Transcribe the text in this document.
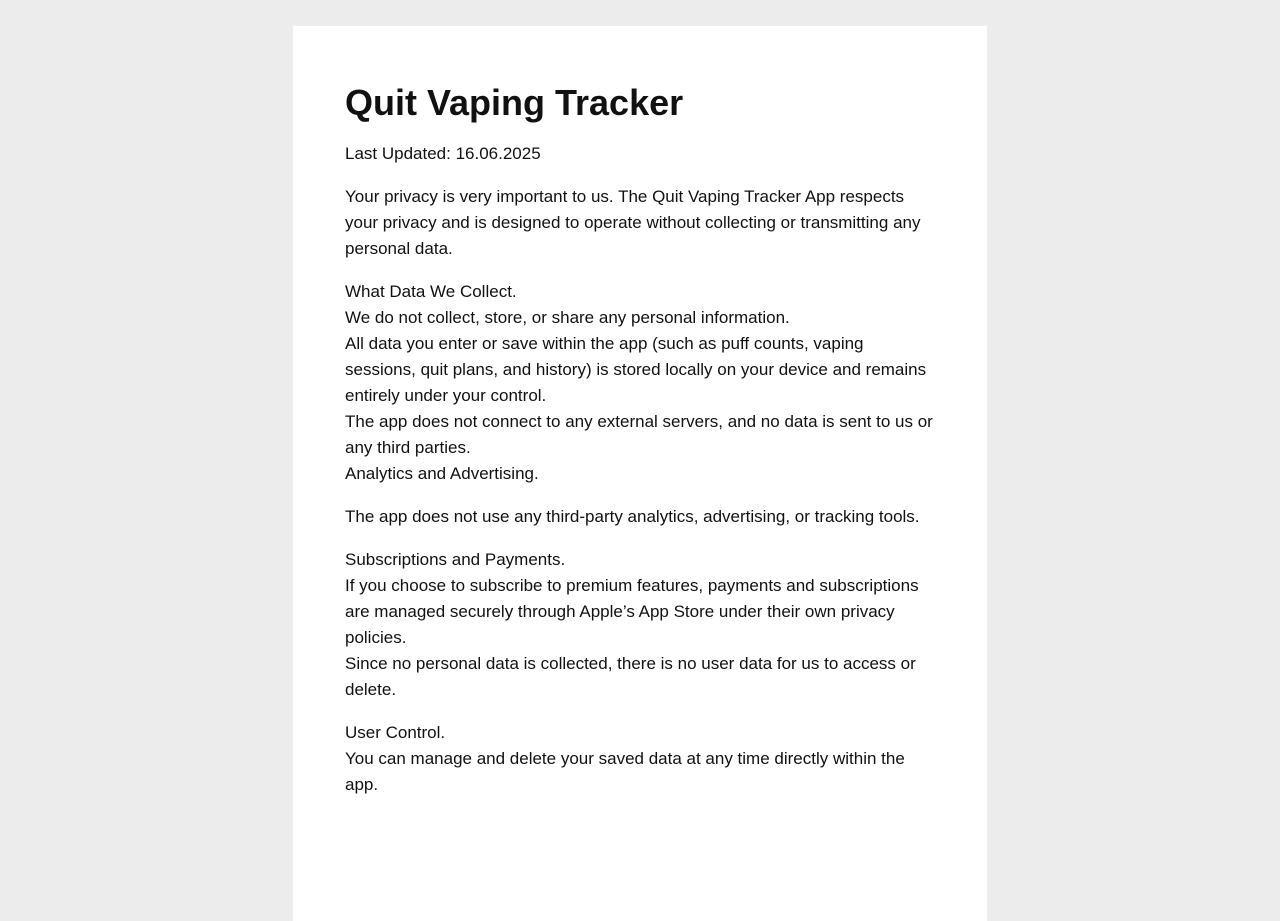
Quit Vaping Tracker

Last Updated: 16.06.2025

Your privacy is very important to us. The Quit Vaping Tracker App respects your privacy and is designed to operate without collecting or transmitting any personal data.

What Data We Collect.
We do not collect, store, or share any personal information.
All data you enter or save within the app (such as puff counts, vaping sessions, quit plans, and history) is stored locally on your device and remains entirely under your control.
The app does not connect to any external servers, and no data is sent to us or any third parties.
Analytics and Advertising.

The app does not use any third-party analytics, advertising, or tracking tools.

Subscriptions and Payments.
If you choose to subscribe to premium features, payments and subscriptions are managed securely through Apple’s App Store under their own privacy policies.
Since no personal data is collected, there is no user data for us to access or delete.

User Control.
You can manage and delete your saved data at any time directly within the app.
